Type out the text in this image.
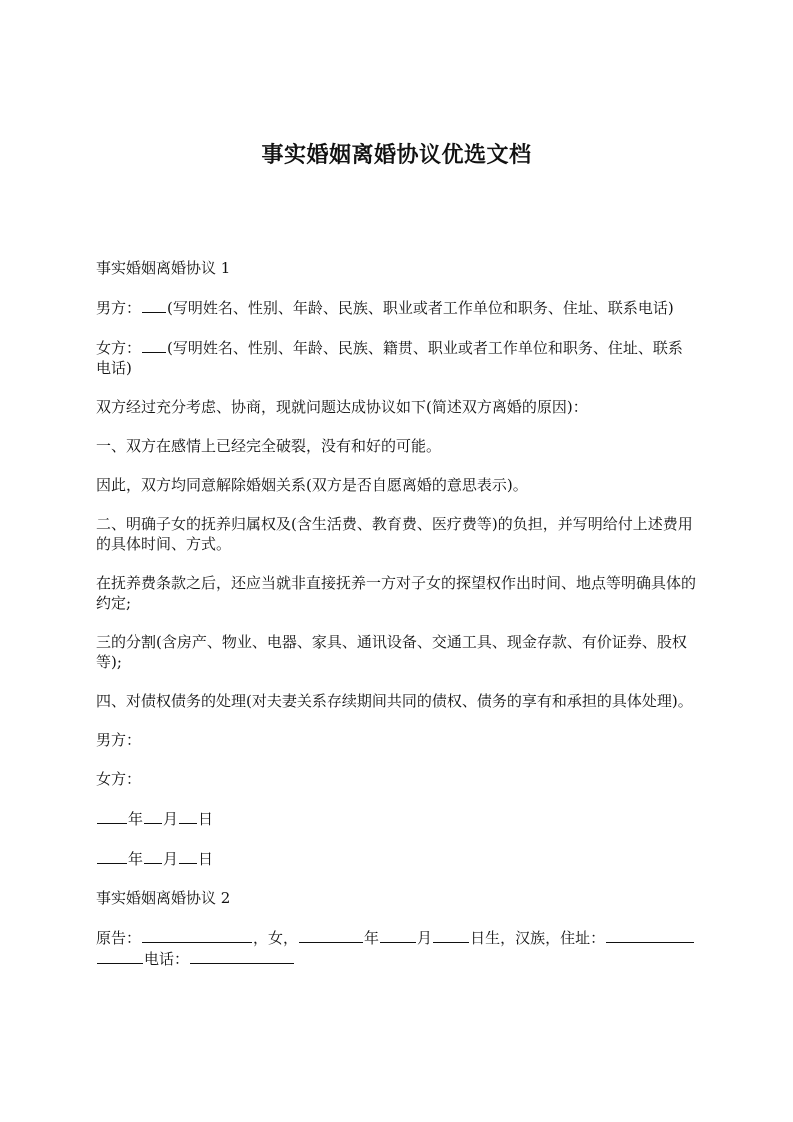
事实婚姻离婚协议优选文档

事实婚姻离婚协议 1

男方： (写明姓名、性别、年龄、民族、职业或者工作单位和职务、住址、联系电话)

女方： (写明姓名、性别、年龄、民族、籍贯、职业或者工作单位和职务、住址、联系电话)

双方经过充分考虑、协商，现就问题达成协议如下(简述双方离婚的原因)：

一、双方在感情上已经完全破裂，没有和好的可能。

因此，双方均同意解除婚姻关系(双方是否自愿离婚的意思表示)。

二、明确子女的抚养归属权及(含生活费、教育费、医疗费等)的负担，并写明给付上述费用的具体时间、方式。

在抚养费条款之后，还应当就非直接抚养一方对子女的探望权作出时间、地点等明确具体的约定;

三的分割(含房产、物业、电器、家具、通讯设备、交通工具、现金存款、有价证券、股权等);

四、对债权债务的处理(对夫妻关系存续期间共同的债权、债务的享有和承担的具体处理)。

男方：

女方：

年 月 日

年 月 日

事实婚姻离婚协议 2

原告：	，女，	年	月	日生，汉族，住址：电话：
